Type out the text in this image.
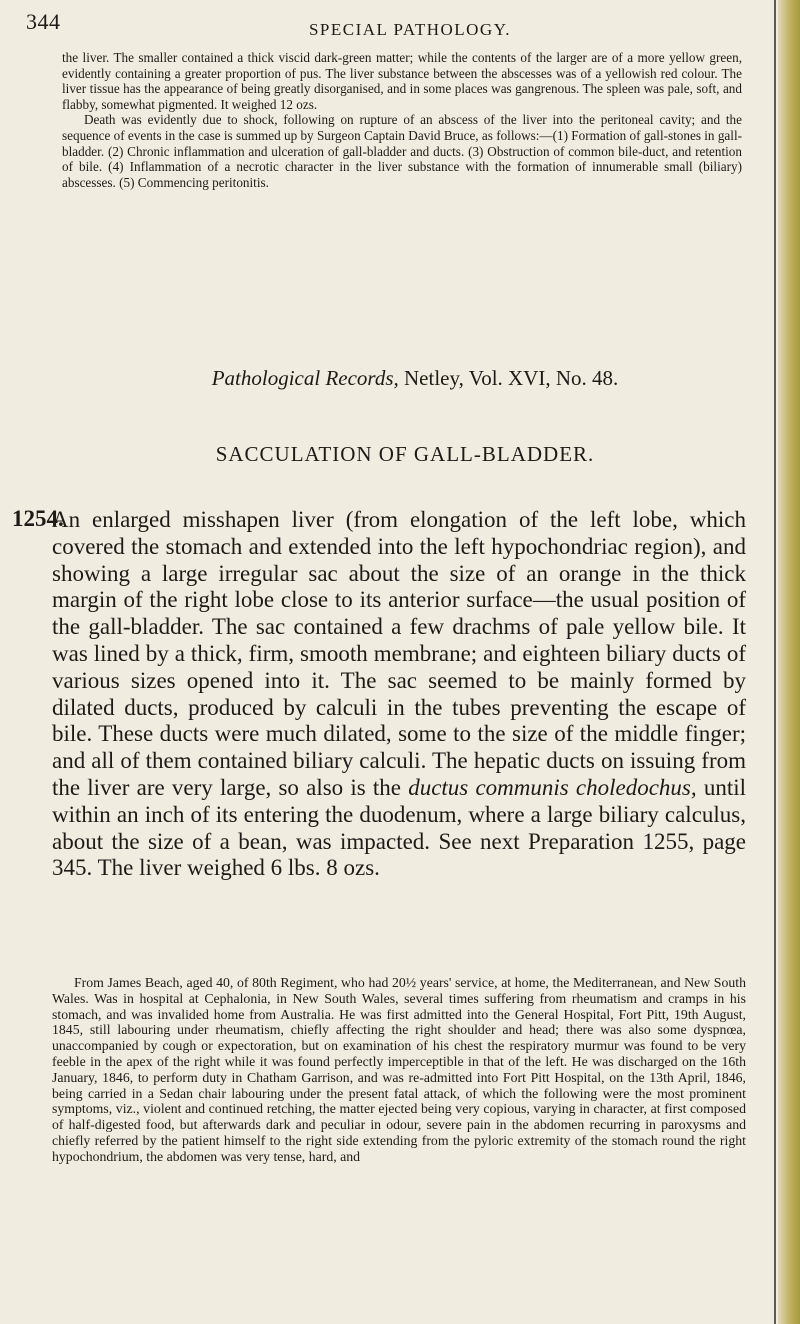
344	SPECIAL PATHOLOGY.

the liver. The smaller contained a thick viscid dark-green matter; while the contents of the larger are of a more yellow green, evidently containing a greater proportion of pus. The liver substance between the abscesses was of a yellowish red colour. The liver tissue has the appearance of being greatly disorganised, and in some places was gangrenous. The spleen was pale, soft, and flabby, somewhat pigmented. It weighed 12 ozs.

Death was evidently due to shock, following on rupture of an abscess of the liver into the peritoneal cavity; and the sequence of events in the case is summed up by Surgeon Captain David Bruce, as follows:—(1) Formation of gall-stones in gall-bladder. (2) Chronic inflammation and ulceration of gall-bladder and ducts. (3) Obstruction of common bile-duct, and retention of bile. (4) Inflammation of a necrotic character in the liver substance with the formation of innumerable small (biliary) abscesses. (5) Commencing peritonitis.

Pathological Records, Netley, Vol. XVI, No. 48.
SACCULATION OF GALL-BLADDER.
1254.

An enlarged misshapen liver (from elongation of the left lobe, which covered the stomach and extended into the left hypochondriac region), and showing a large irregular sac about the size of an orange in the thick margin of the right lobe close to its anterior surface—the usual position of the gall-bladder. The sac contained a few drachms of pale yellow bile. It was lined by a thick, firm, smooth membrane; and eighteen biliary ducts of various sizes opened into it. The sac seemed to be mainly formed by dilated ducts, produced by calculi in the tubes preventing the escape of bile. These ducts were much dilated, some to the size of the middle finger; and all of them contained biliary calculi. The hepatic ducts on issuing from the liver are very large, so also is the ductus communis choledochus, until within an inch of its entering the duodenum, where a large biliary calculus, about the size of a bean, was impacted. See next Preparation 1255, page 345. The liver weighed 6 lbs. 8 ozs.

From James Beach, aged 40, of 80th Regiment, who had 20½ years' service, at home, the Mediterranean, and New South Wales. Was in hospital at Cephalonia, in New South Wales, several times suffering from rheumatism and cramps in his stomach, and was invalided home from Australia. He was first admitted into the General Hospital, Fort Pitt, 19th August, 1845, still labouring under rheumatism, chiefly affecting the right shoulder and head; there was also some dyspnœa, unaccompanied by cough or expectoration, but on examination of his chest the respiratory murmur was found to be very feeble in the apex of the right while it was found perfectly imperceptible in that of the left. He was discharged on the 16th January, 1846, to perform duty in Chatham Garrison, and was re-admitted into Fort Pitt Hospital, on the 13th April, 1846, being carried in a Sedan chair labouring under the present fatal attack, of which the following were the most prominent symptoms, viz., violent and continued retching, the matter ejected being very copious, varying in character, at first composed of half-digested food, but afterwards dark and peculiar in odour, severe pain in the abdomen recurring in paroxysms and chiefly referred by the patient himself to the right side extending from the pyloric extremity of the stomach round the right hypochondrium, the abdomen was very tense, hard, and
